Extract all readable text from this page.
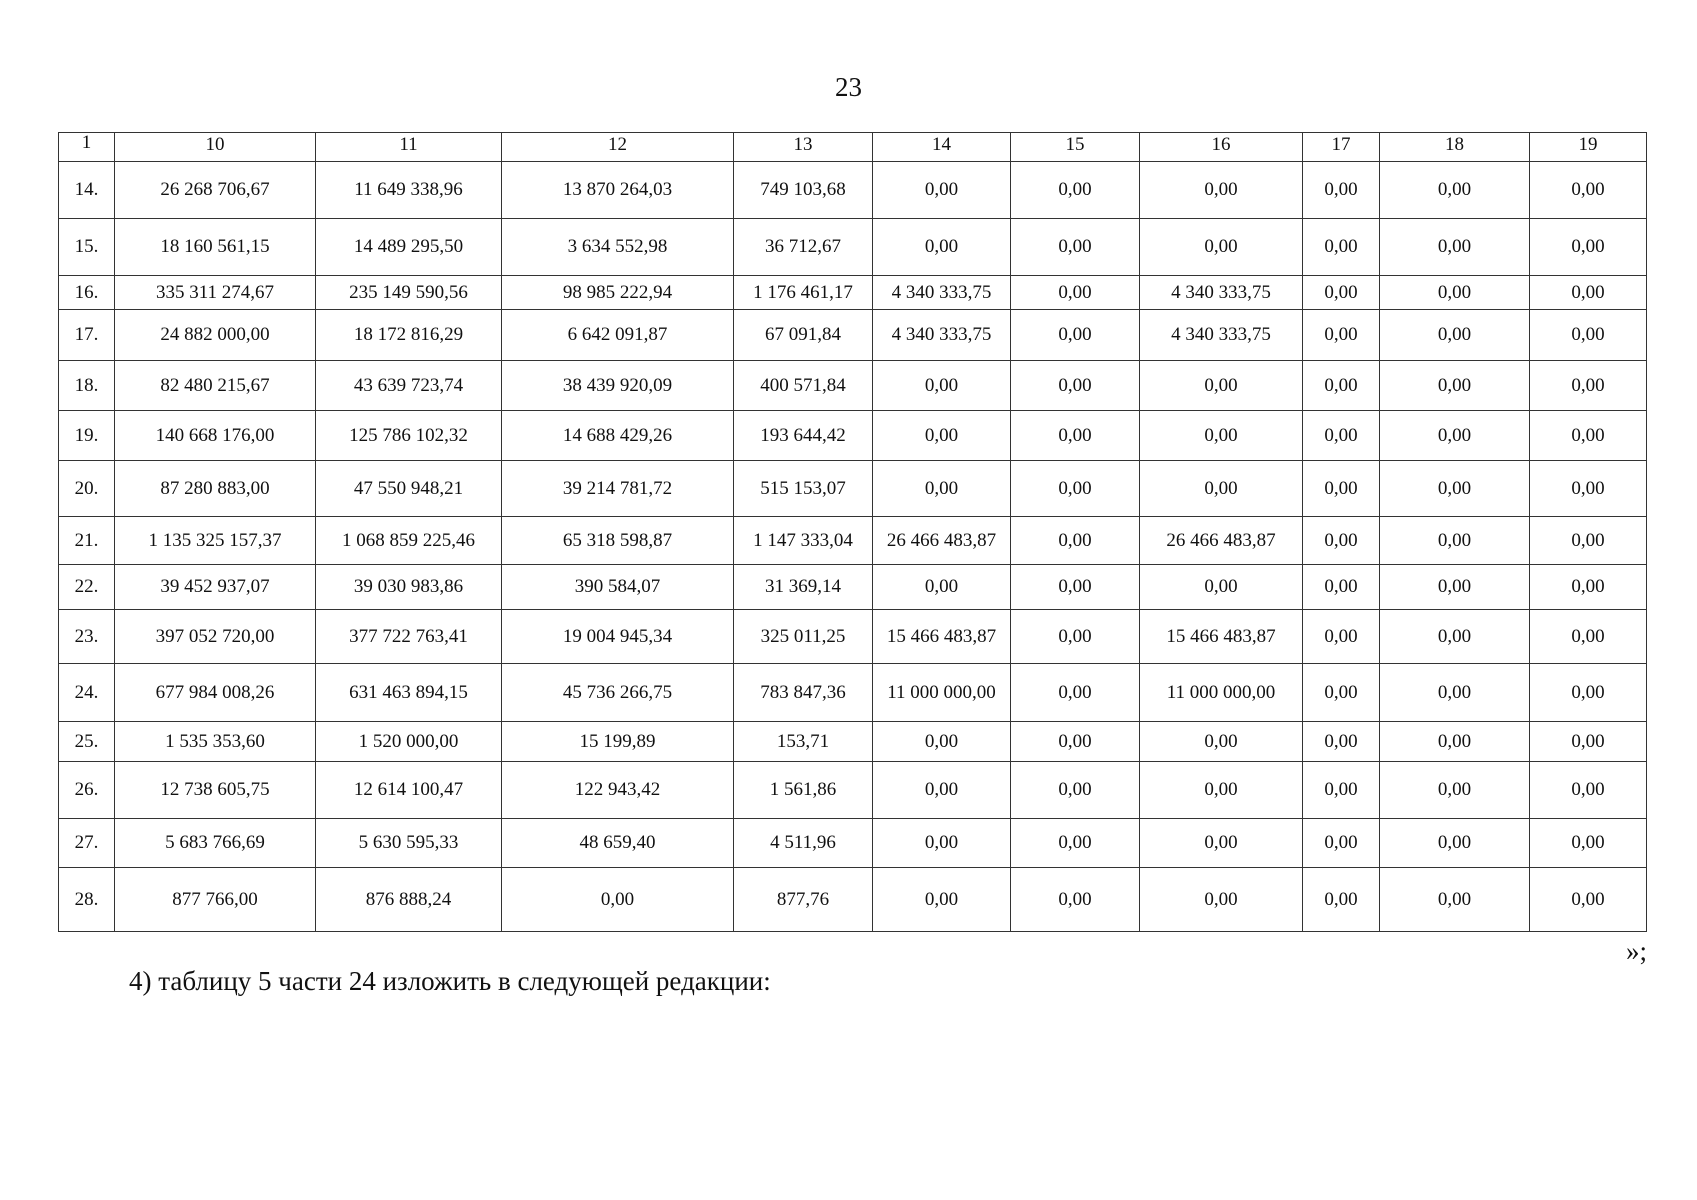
23
1	10	11	12	13	14	15	16	17	18	19
14.	26 268 706,67	11 649 338,96	13 870 264,03	749 103,68	0,00	0,00	0,00	0,00	0,00	0,00
15.	18 160 561,15	14 489 295,50	3 634 552,98	36 712,67	0,00	0,00	0,00	0,00	0,00	0,00
16.	335 311 274,67	235 149 590,56	98 985 222,94	1 176 461,17	4 340 333,75	0,00	4 340 333,75	0,00	0,00	0,00
17.	24 882 000,00	18 172 816,29	6 642 091,87	67 091,84	4 340 333,75	0,00	4 340 333,75	0,00	0,00	0,00
18.	82 480 215,67	43 639 723,74	38 439 920,09	400 571,84	0,00	0,00	0,00	0,00	0,00	0,00
19.	140 668 176,00	125 786 102,32	14 688 429,26	193 644,42	0,00	0,00	0,00	0,00	0,00	0,00
20.	87 280 883,00	47 550 948,21	39 214 781,72	515 153,07	0,00	0,00	0,00	0,00	0,00	0,00
21.	1 135 325 157,37	1 068 859 225,46	65 318 598,87	1 147 333,04	26 466 483,87	0,00	26 466 483,87	0,00	0,00	0,00
22.	39 452 937,07	39 030 983,86	390 584,07	31 369,14	0,00	0,00	0,00	0,00	0,00	0,00
23.	397 052 720,00	377 722 763,41	19 004 945,34	325 011,25	15 466 483,87	0,00	15 466 483,87	0,00	0,00	0,00
24.	677 984 008,26	631 463 894,15	45 736 266,75	783 847,36	11 000 000,00	0,00	11 000 000,00	0,00	0,00	0,00
25.	1 535 353,60	1 520 000,00	15 199,89	153,71	0,00	0,00	0,00	0,00	0,00	0,00
26.	12 738 605,75	12 614 100,47	122 943,42	1 561,86	0,00	0,00	0,00	0,00	0,00	0,00
27.	5 683 766,69	5 630 595,33	48 659,40	4 511,96	0,00	0,00	0,00	0,00	0,00	0,00
28.	877 766,00	876 888,24	0,00	877,76	0,00	0,00	0,00	0,00	0,00	0,00
»;
4) таблицу 5 части 24 изложить в следующей редакции:
